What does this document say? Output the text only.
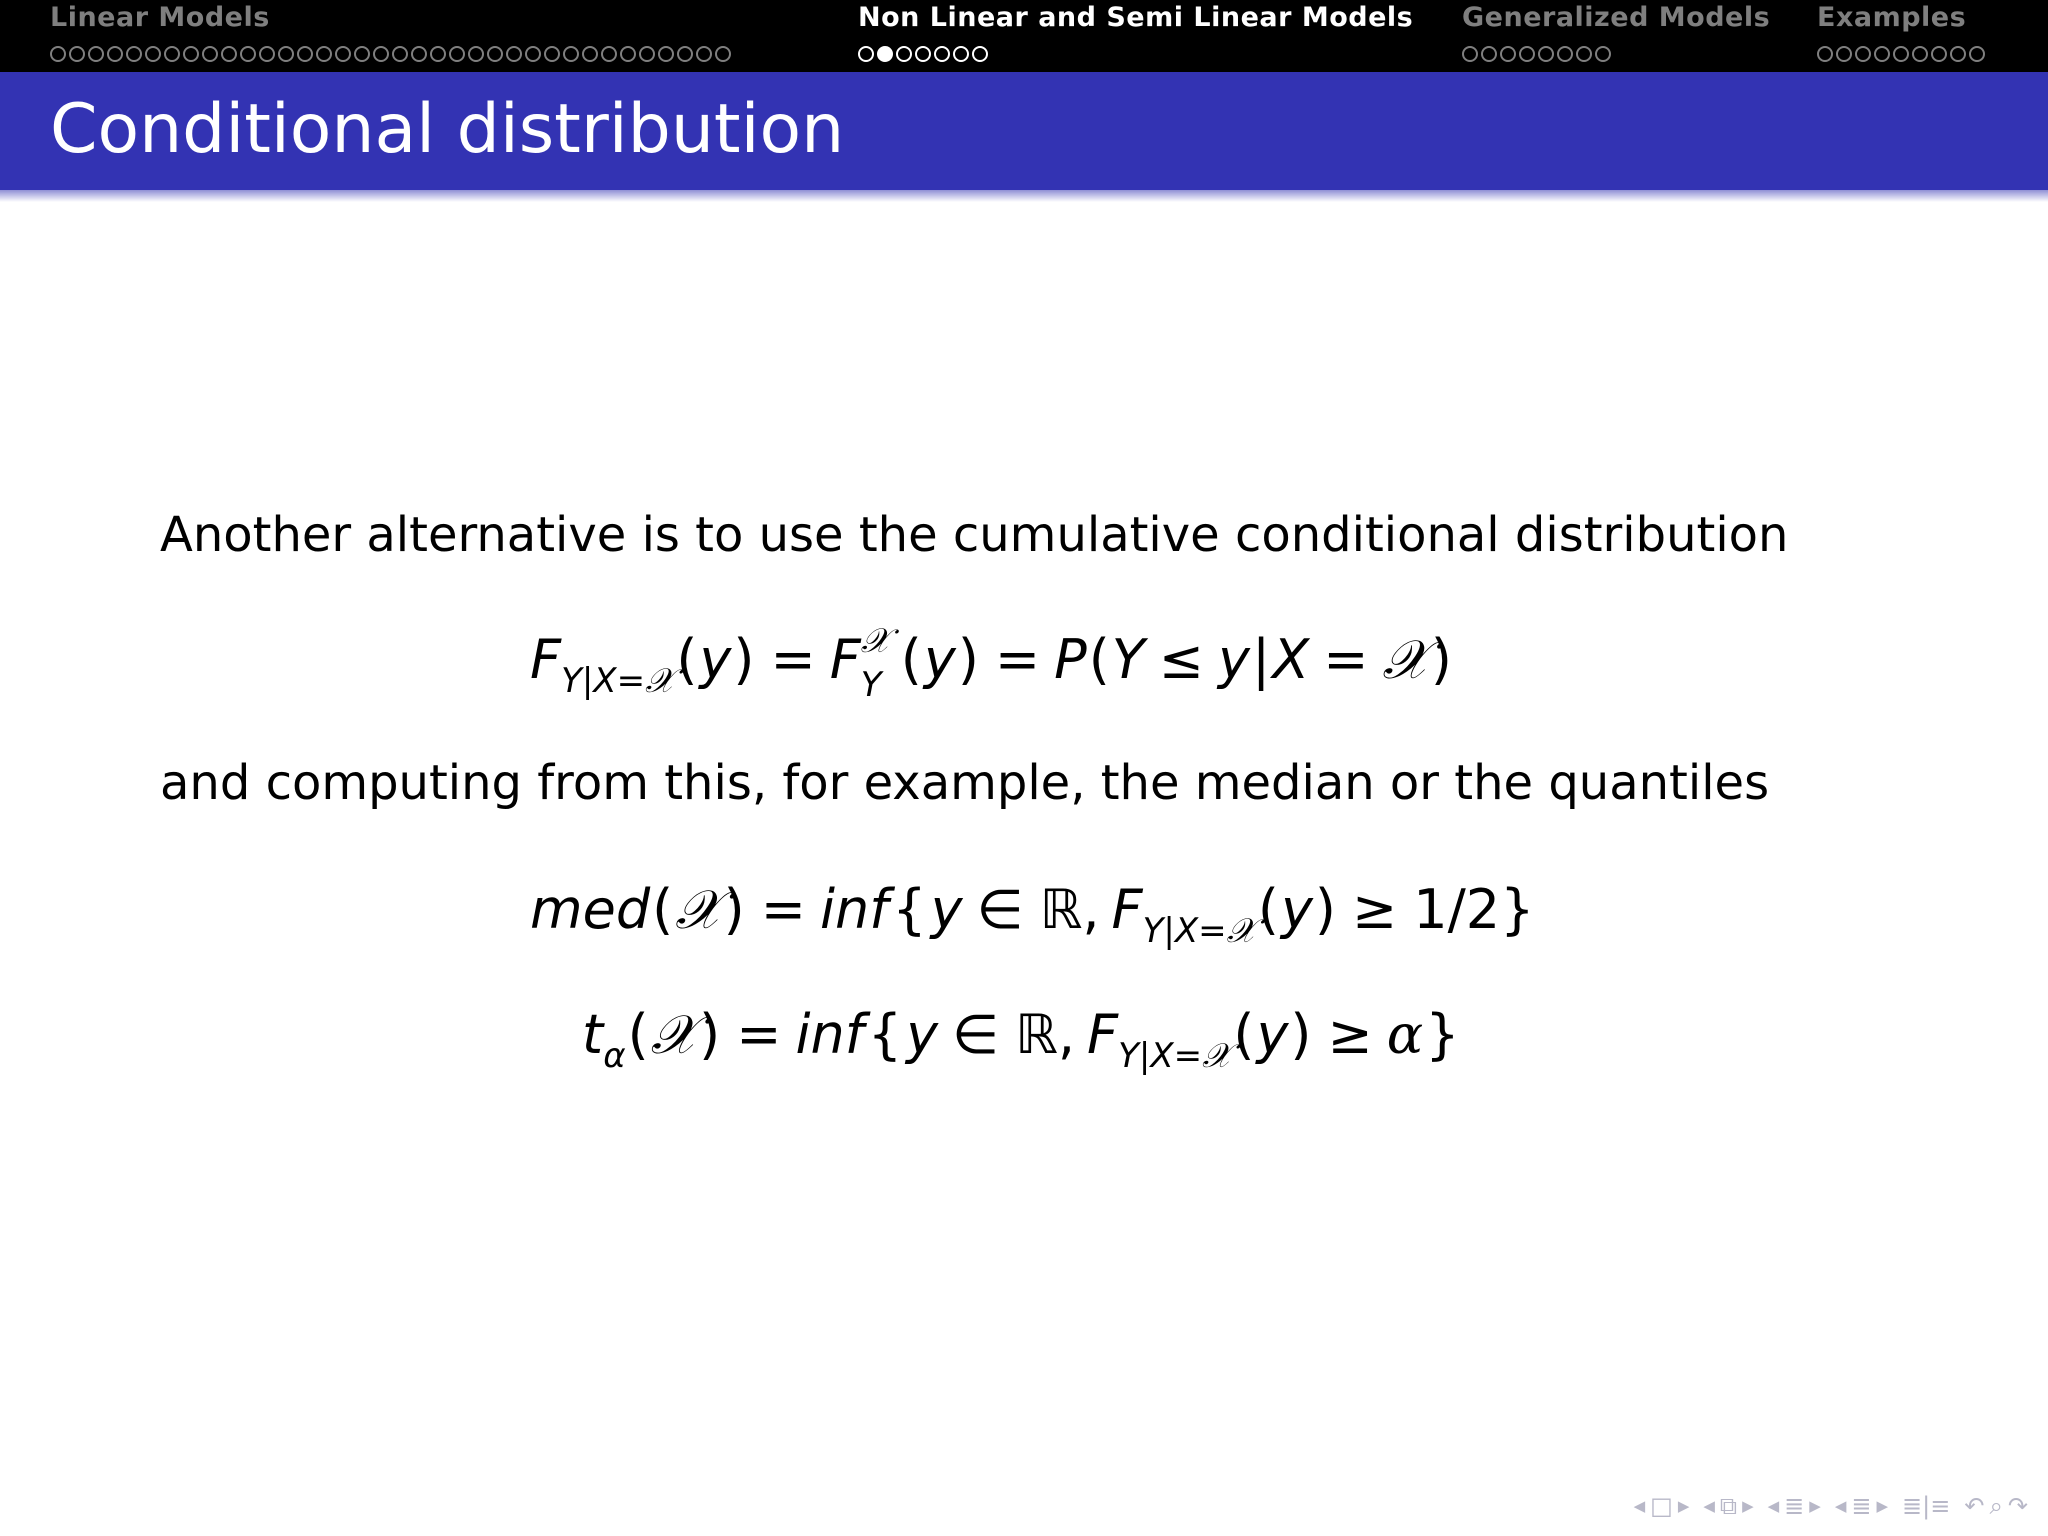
Linear Models	Non Linear and Semi Linear Models Generalized Models Examples
Conditional distribution
Another alternative is to use the cumulative conditional distribution
$F_{Y|X=𝒳}(y) = F$ 𝒳
Y (y) = P(Y ≤ y|X = 𝒳)
and computing from this, for example, the median or the quantiles
med(𝒳) = inf{y ∈ ℝ, $F_{Y|X=𝒳}(y) \ge 1/2$}
$t_\alpha(𝒳) = inf\{y$ ∈ ℝ, $F_{Y|X=𝒳}(y) \ge \alpha$}
◀ □ ▶ ◀ ⧉ ▶ ◀ ≣ ▶ ◀ ≣ ▶ ≣|≡ ↶ ⌕ ↷
